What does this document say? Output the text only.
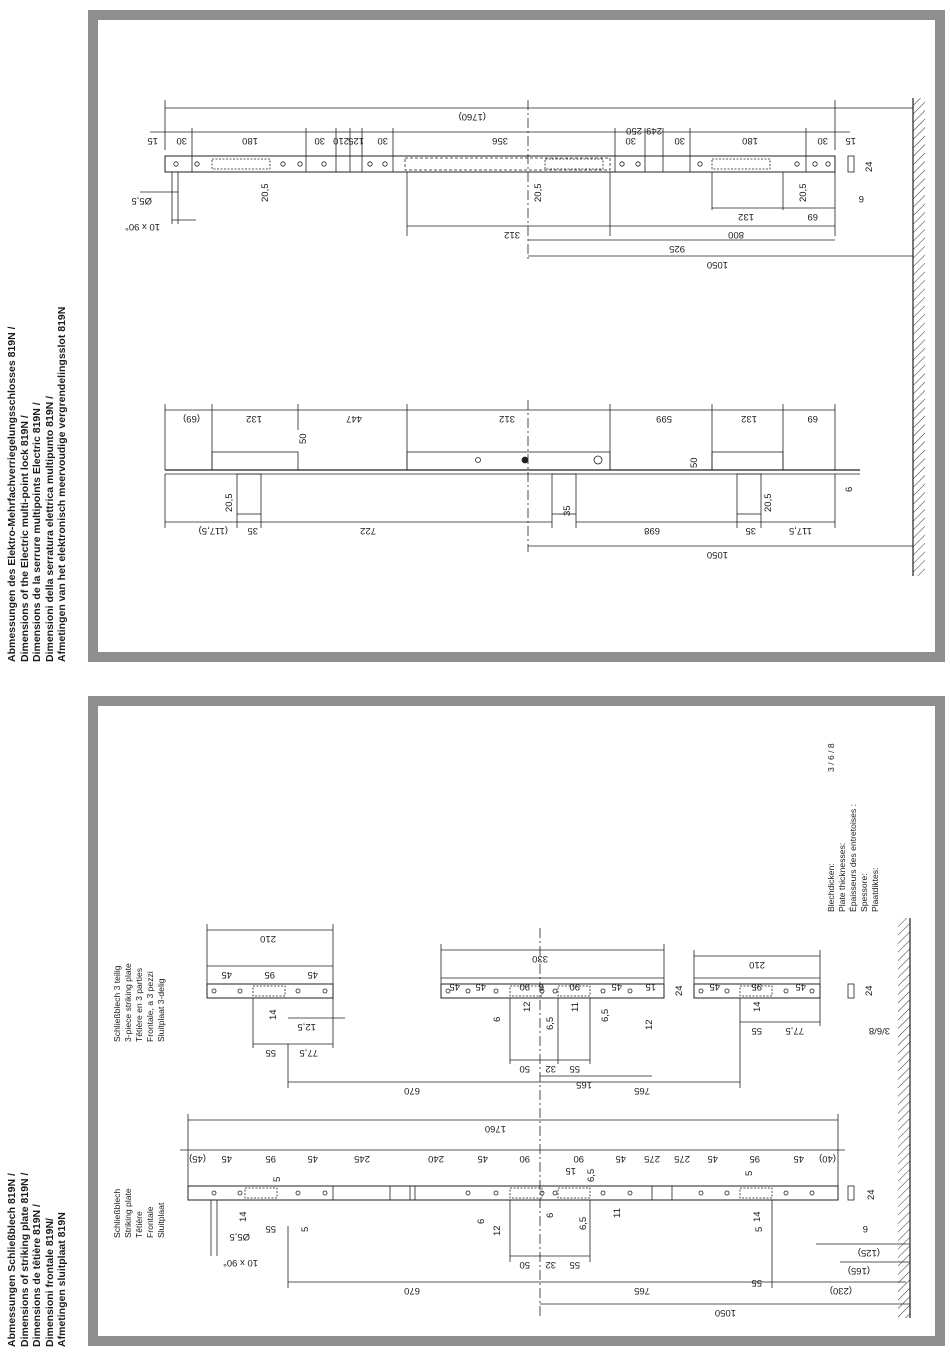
Abmessungen des Elektro-Mehrfachverriegelungsschlosses 819N / Dimensions of the Electric multi-point lock 819N / Dimensions de la serrure multipoints Electric 819N / Dimensioni della serratura elettrica multipunto 819N / Afmetingen van het elektronisch meervoudige vergrendelingsslot 819N
Abmessungen Schließblech 819N / Dimensions of striking plate 819N / Dimensions de têtière 819N / Dimensioni frontale 819N/ Afmetingen sluitplaat 819N
(1760)
15 30	180	30	30
210 125	356
250 249
30	30	180	30 15
20,5
Ø5,5
10 x 90°
20,5	20,5
24
6
132	69
312	800
925
1050
(69)	132	447	312	599	132	69
50
50
20,5	20,5
6
(117,5) 35	722
35
698	35	117,5
1050
210
45	95	45
14
12,5
55 77,5
330
45 45	90 6	90	45 15 24
6
12
6,5
11
6,5
12
50 32 55
165
670	765
210
45	95	45
14
55 77,5
24
3/6/8
1760
(45) 45	95	45	245	240	45	90	90	45 275 275 45	95	45 (40)
15 6,5
5
5
14
55
6
12
6
6,5
11	14
5
5
24
6
Ø5,5
10 x 90°	50 32 55
670	765
55
(230)
(125)
(165)
1050
Schließblech Striking plate Têtière Frontale Sluitplaat
Schließblech 3 teilig 3-piece striking plate Têtière en 3 parties Frontale, a 3 pezzi Sluitplaat 3-delig
Blechdicken: Plate thicknesses: Épaisseurs des entretoises : Spessore: Plaatdiktes:
3 / 6 / 8
